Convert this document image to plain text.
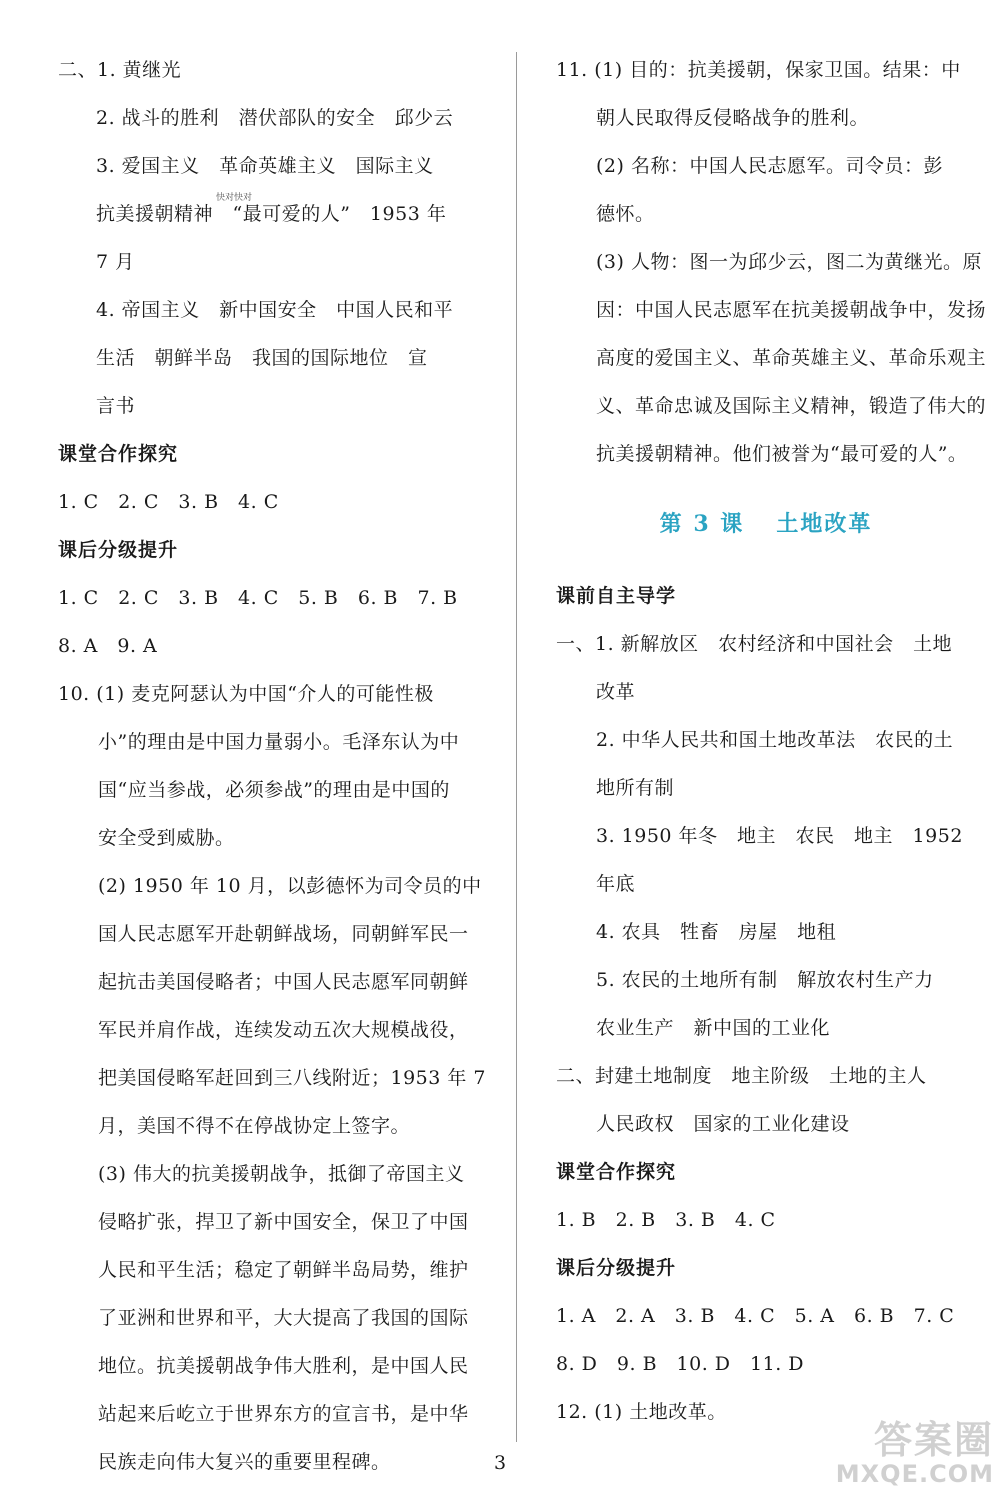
二、1. 黄继光
2. 战斗的胜利　潜伏部队的安全　邱少云
3. 爱国主义　革命英雄主义　国际主义
抗美援朝精神　“最可爱的人”　1953 年
7 月
4. 帝国主义　新中国安全　中国人民和平
生活　朝鲜半岛　我国的国际地位　宣
言书
课堂合作探究
1. C　2. C　3. B　4. C
课后分级提升
1. C　2. C　3. B　4. C　5. B　6. B　7. B
8. A　9. A
10. (1) 麦克阿瑟认为中国“介人的可能性极
小”的理由是中国力量弱小。毛泽东认为中
国“应当参战，必须参战”的理由是中国的
安全受到威胁。
(2) 1950 年 10 月，以彭德怀为司令员的中
国人民志愿军开赴朝鲜战场，同朝鲜军民一
起抗击美国侵略者；中国人民志愿军同朝鲜
军民并肩作战，连续发动五次大规模战役，
把美国侵略军赶回到三八线附近；1953 年 7
月，美国不得不在停战协定上签字。
(3) 伟大的抗美援朝战争，抵御了帝国主义
侵略扩张，捍卫了新中国安全，保卫了中国
人民和平生活；稳定了朝鲜半岛局势，维护
了亚洲和世界和平，大大提高了我国的国际
地位。抗美援朝战争伟大胜利，是中国人民
站起来后屹立于世界东方的宣言书，是中华
民族走向伟大复兴的重要里程碑。
11. (1) 目的：抗美援朝，保家卫国。结果：中
朝人民取得反侵略战争的胜利。
(2) 名称：中国人民志愿军。司令员：彭
德怀。
(3) 人物：图一为邱少云，图二为黄继光。原
因：中国人民志愿军在抗美援朝战争中，发扬
高度的爱国主义、革命英雄主义、革命乐观主
义、革命忠诚及国际主义精神，锻造了伟大的
抗美援朝精神。他们被誉为“最可爱的人”。
第 3 课 土地改革
课前自主导学
一、1. 新解放区　农村经济和中国社会　土地
改革
2. 中华人民共和国土地改革法　农民的土
地所有制
3. 1950 年冬　地主　农民　地主　1952
年底
4. 农具　牲畜　房屋　地租
5. 农民的土地所有制　解放农村生产力
农业生产　新中国的工业化
二、封建土地制度　地主阶级　土地的主人
人民政权　国家的工业化建设
课堂合作探究
1. B　2. B　3. B　4. C
课后分级提升
1. A　2. A　3. B　4. C　5. A　6. B　7. C
8. D　9. B　10. D　11. D
12. (1) 土地改革。
快对快对
3
答案圈
MXQE.COM
